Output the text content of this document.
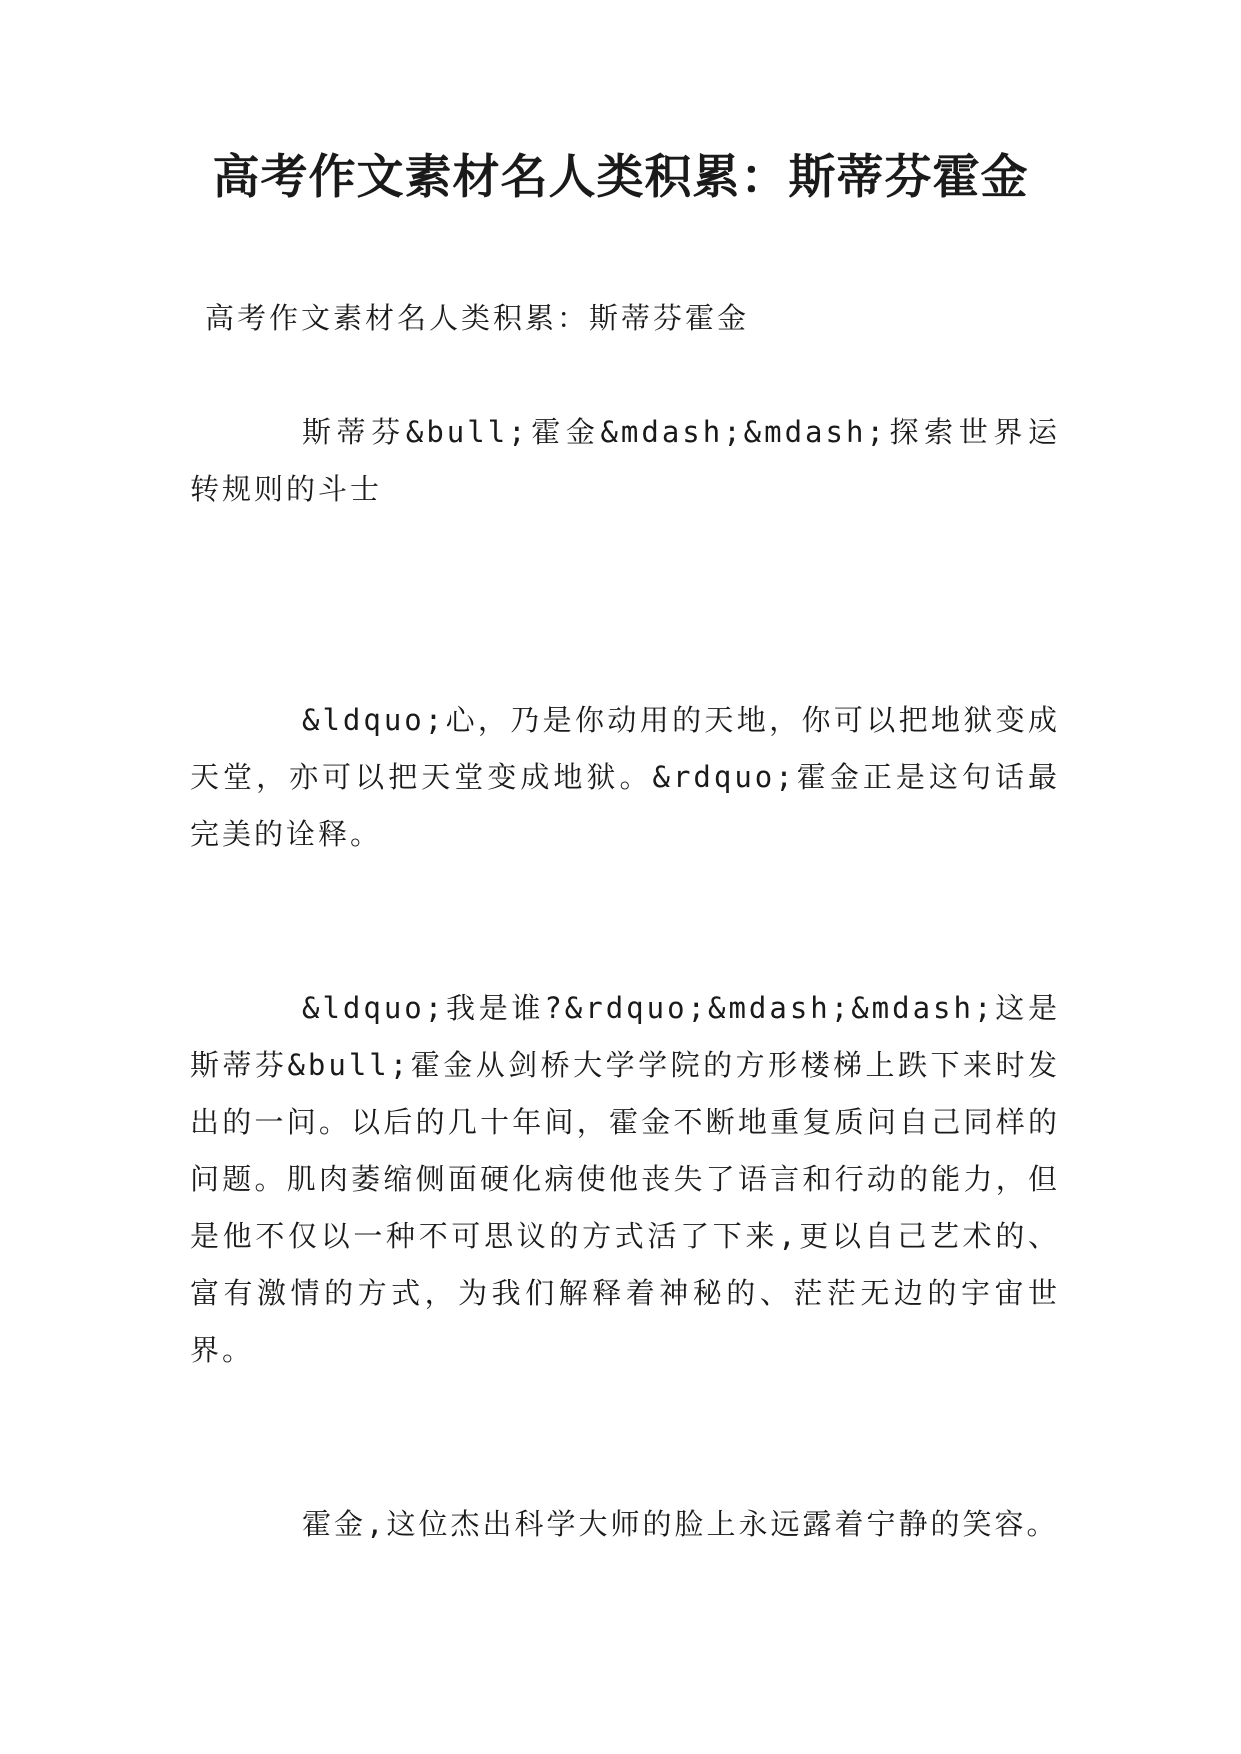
高考作文素材名人类积累：斯蒂芬霍金

高考作文素材名人类积累：斯蒂芬霍金

斯蒂芬&bull;霍金&mdash;&mdash;探索世界运转规则的斗士

&ldquo;心，乃是你动用的天地，你可以把地狱变成天堂，亦可以把天堂变成地狱。&rdquo;霍金正是这句话最完美的诠释。

&ldquo;我是谁?&rdquo;&mdash;&mdash;这是斯蒂芬&bull;霍金从剑桥大学学院的方形楼梯上跌下来时发出的一问。以后的几十年间，霍金不断地重复质问自己同样的问题。肌肉萎缩侧面硬化病使他丧失了语言和行动的能力，但是他不仅以一种不可思议的方式活了下来,更以自己艺术的、富有激情的方式，为我们解释着神秘的、茫茫无边的宇宙世界。

霍金,这位杰出科学大师的脸上永远露着宁静的笑容。
